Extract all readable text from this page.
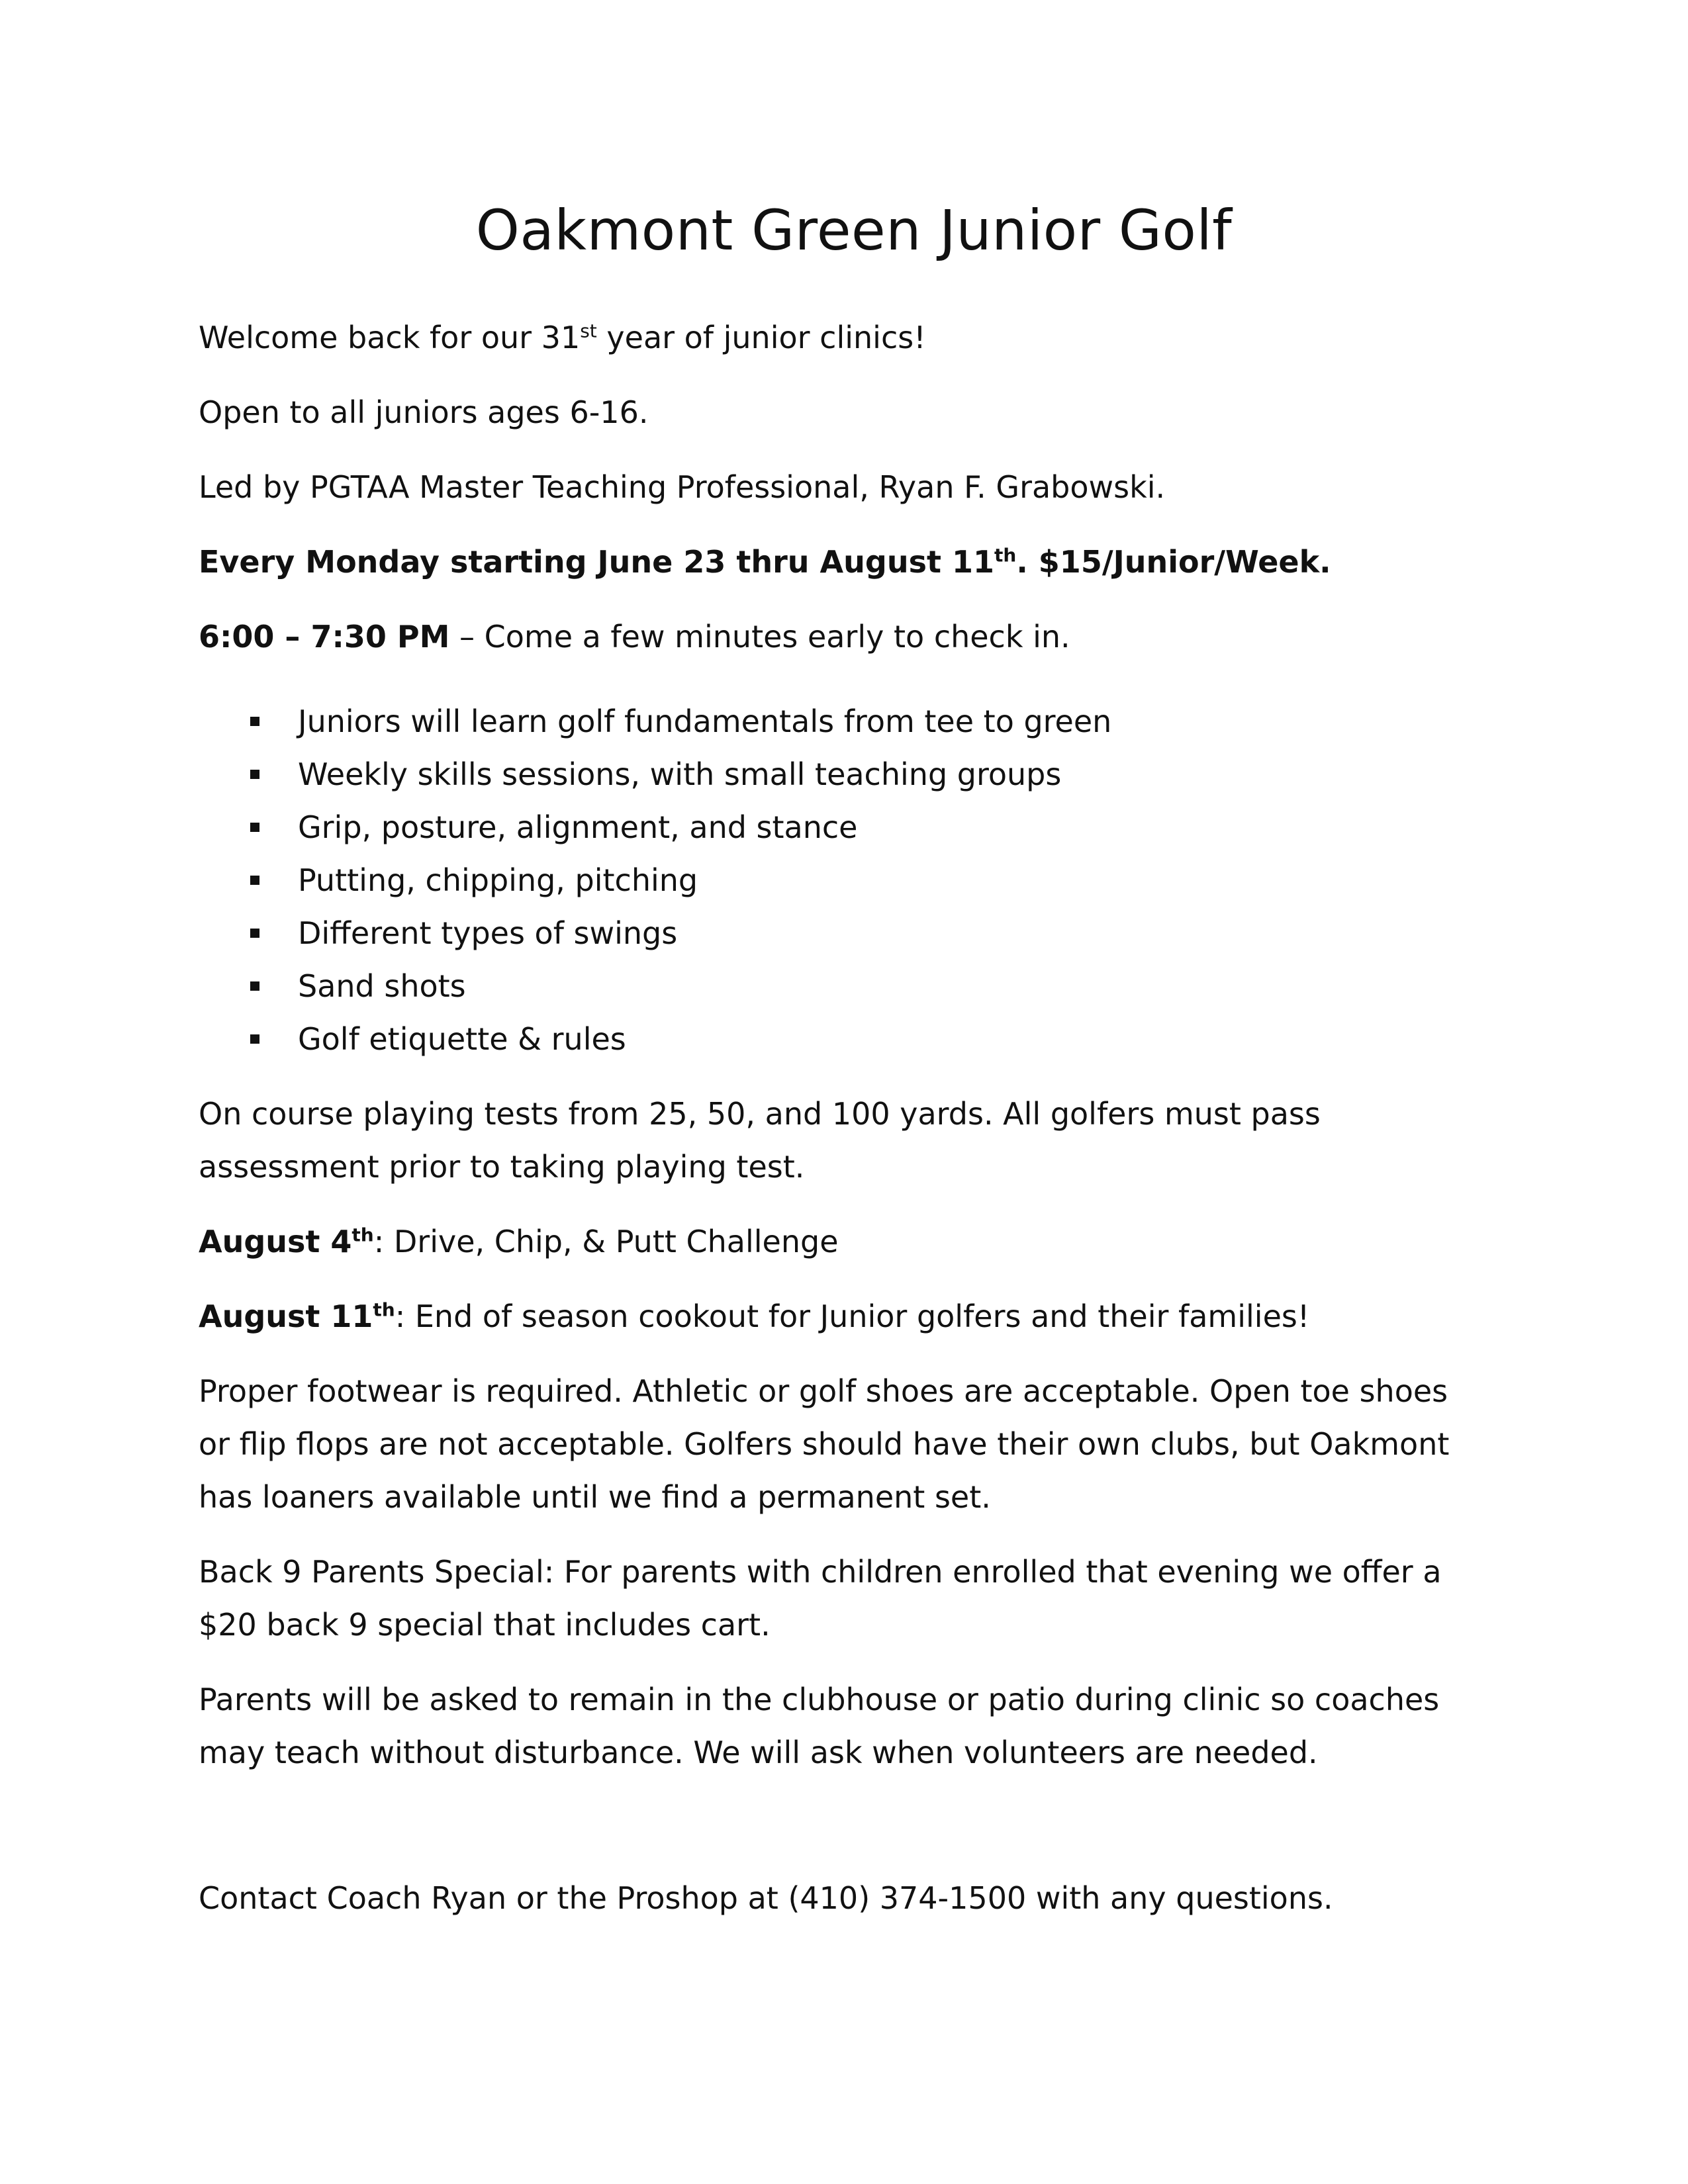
Oakmont Green Junior Golf

Welcome back for our 31st year of junior clinics!

Open to all juniors ages 6-16.

Led by PGTAA Master Teaching Professional, Ryan F. Grabowski.

Every Monday starting June 23 thru August 11th. $15/Junior/Week.

6:00 – 7:30 PM – Come a few minutes early to check in.

Juniors will learn golf fundamentals from tee to green
Weekly skills sessions, with small teaching groups
Grip, posture, alignment, and stance
Putting, chipping, pitching
Different types of swings
Sand shots
Golf etiquette & rules
On course playing tests from 25, 50, and 100 yards. All golfers must pass
assessment prior to taking playing test.

August 4th: Drive, Chip, & Putt Challenge

August 11th: End of season cookout for Junior golfers and their families!

Proper footwear is required. Athletic or golf shoes are acceptable. Open toe shoes
or flip flops are not acceptable. Golfers should have their own clubs, but Oakmont
has loaners available until we find a permanent set.
Back 9 Parents Special: For parents with children enrolled that evening we offer a
$20 back 9 special that includes cart.
Parents will be asked to remain in the clubhouse or patio during clinic so coaches
may teach without disturbance. We will ask when volunteers are needed.

Contact Coach Ryan or the Proshop at (410) 374-1500 with any questions.
